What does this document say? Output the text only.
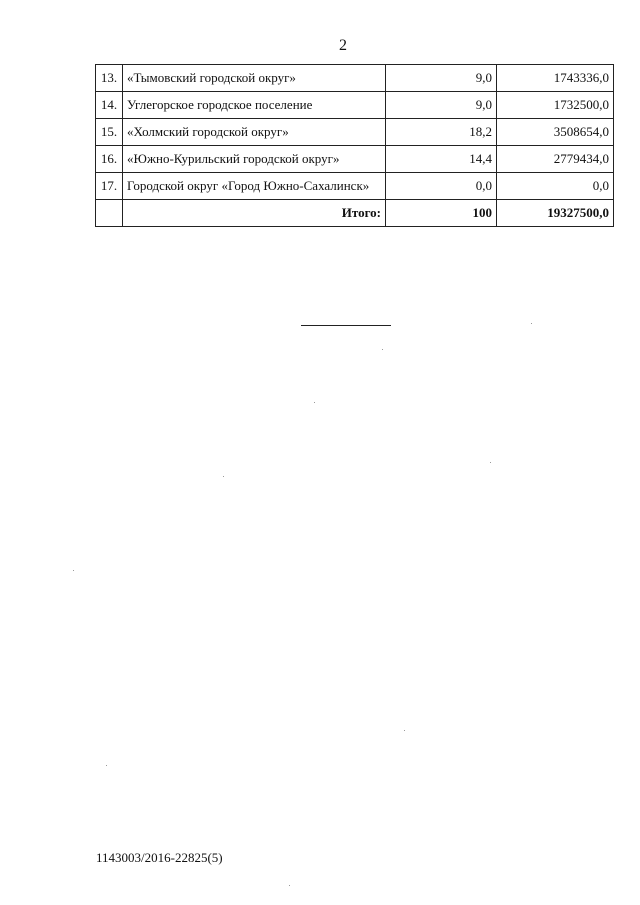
2
13.	«Тымовский городской округ»	9,0	1743336,0
14.	Углегорское городское поселение	9,0	1732500,0
15.	«Холмский городской округ»	18,2	3508654,0
16.	«Южно-Курильский городской округ»	14,4	2779434,0
17.	Городской округ «Город Южно-Сахалинск»	0,0	0,0
	Итого:	100	19327500,0
1143003/2016-22825(5)
